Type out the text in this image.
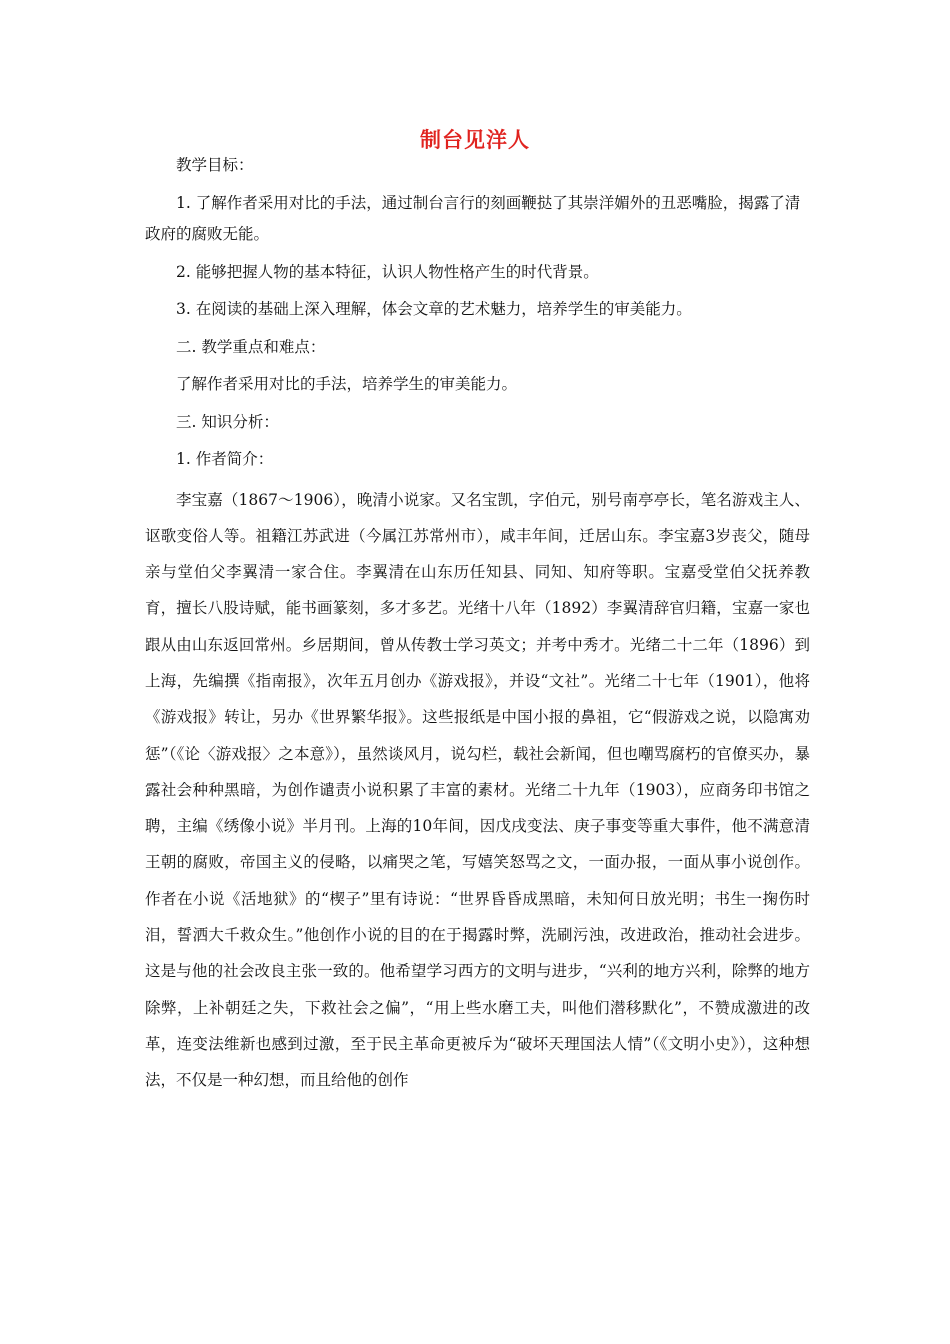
制台见洋人

教学目标：

1. 了解作者采用对比的手法，通过制台言行的刻画鞭挞了其崇洋媚外的丑恶嘴脸，揭露了清政府的腐败无能。

2. 能够把握人物的基本特征，认识人物性格产生的时代背景。

3. 在阅读的基础上深入理解，体会文章的艺术魅力，培养学生的审美能力。

二. 教学重点和难点：

了解作者采用对比的手法，培养学生的审美能力。

三. 知识分析：

1. 作者简介：

李宝嘉（1867～1906），晚清小说家。又名宝凯，字伯元，别号南亭亭长，笔名游戏主人、讴歌变俗人等。祖籍江苏武进（今属江苏常州市），咸丰年间，迁居山东。李宝嘉3岁丧父，随母亲与堂伯父李翼清一家合住。李翼清在山东历任知县、同知、知府等职。宝嘉受堂伯父抚养教育，擅长八股诗赋，能书画篆刻，多才多艺。光绪十八年（1892）李翼清辞官归籍，宝嘉一家也跟从由山东返回常州。乡居期间，曾从传教士学习英文；并考中秀才。光绪二十二年（1896）到上海，先编撰《指南报》，次年五月创办《游戏报》，并设“文社”。光绪二十七年（1901），他将《游戏报》转让，另办《世界繁华报》。这些报纸是中国小报的鼻祖，它“假游戏之说，以隐寓劝惩”（《论〈游戏报〉之本意》），虽然谈风月，说勾栏，载社会新闻，但也嘲骂腐朽的官僚买办，暴露社会种种黑暗，为创作谴责小说积累了丰富的素材。光绪二十九年（1903），应商务印书馆之聘，主编《绣像小说》半月刊。上海的10年间，因戊戌变法、庚子事变等重大事件，他不满意清王朝的腐败，帝国主义的侵略，以痛哭之笔，写嬉笑怒骂之文，一面办报，一面从事小说创作。作者在小说《活地狱》的“楔子”里有诗说：“世界昏昏成黑暗，未知何日放光明；书生一掬伤时泪，誓洒大千救众生。”他创作小说的目的在于揭露时弊，洗刷污浊，改进政治，推动社会进步。这是与他的社会改良主张一致的。他希望学习西方的文明与进步，“兴利的地方兴利，除弊的地方除弊，上补朝廷之失，下救社会之偏”，“用上些水磨工夫，叫他们潜移默化”，不赞成激进的改革，连变法维新也感到过激，至于民主革命更被斥为“破坏天理国法人情”（《文明小史》），这种想法，不仅是一种幻想，而且给他的创作
